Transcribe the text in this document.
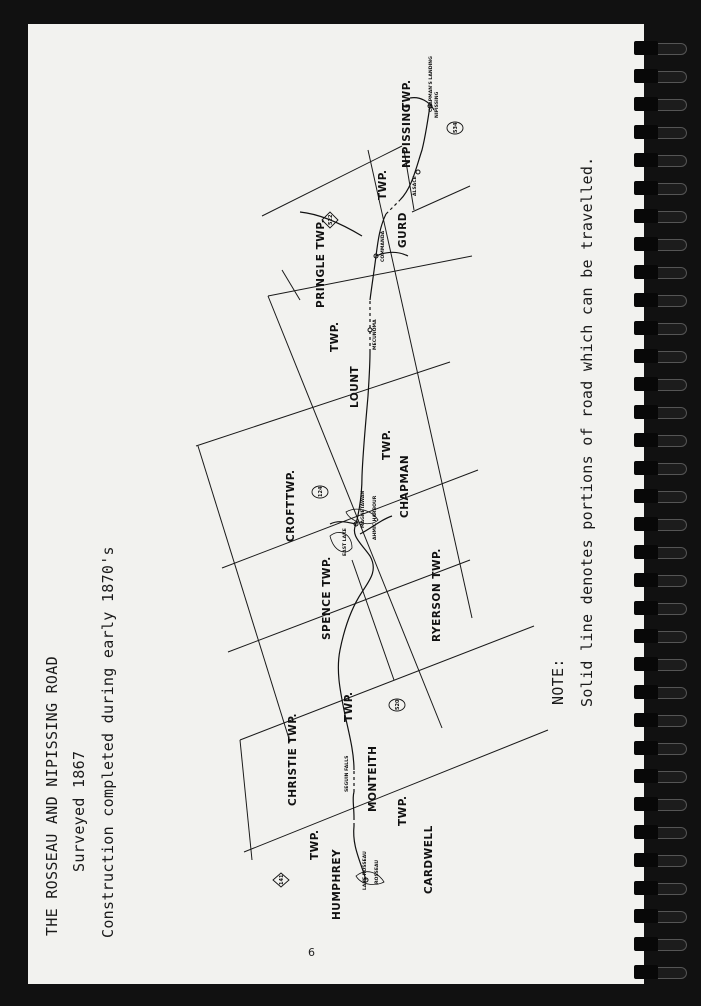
THE ROSSEAU AND NIPISSING ROAD Surveyed 1867 Construction completed during early 1870's	NOTE: Solid line denotes portions of road which can be travelled.
6
141
520
124
522
534
HUMPHREY
TWP.	CARDWELL
TWP.
CHRISTIE TWP.	MONTEITH
TWP.
SPENCE TWP.	RYERSON TWP.
CROFT
TWP.	CHAPMAN
TWP.
LOUNT
TWP.
PRINGLE TWP.	GURD
TWP.
NIPISSING
TWP.
ROSSEAU
SEGUIN FALLS
MAGNETAWAN
COMMANDA
NIPISSING
CHAPMAN'S LANDING
ALSACE
LAKE ROSSEAU
AHMIC HARBOUR
EAST LAKE
MECUNOMA
